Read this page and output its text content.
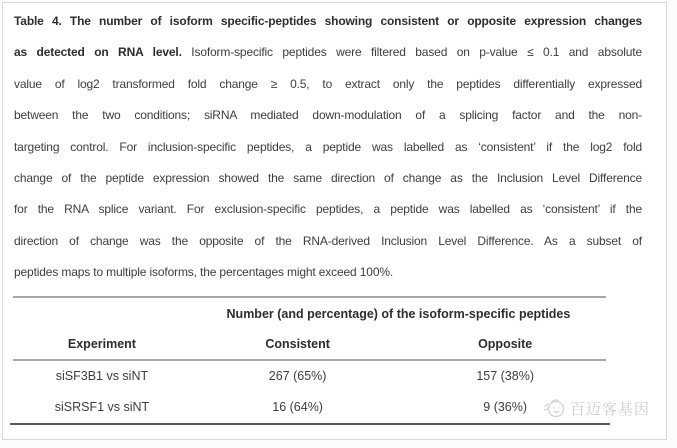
Table 4. The number of isoform specific-peptides showing consistent or opposite expression changes
as detected on RNA level. Isoform-specific peptides were filtered based on p-value ≤ 0.1 and absolute
value of log2 transformed fold change ≥ 0.5, to extract only the peptides differentially expressed
between the two conditions; siRNA mediated down-modulation of a splicing factor and the non-
targeting control. For inclusion-specific peptides, a peptide was labelled as ‘consistent’ if the log2 fold
change of the peptide expression showed the same direction of change as the Inclusion Level Difference
for the RNA splice variant. For exclusion-specific peptides, a peptide was labelled as ‘consistent’ if the
direction of change was the opposite of the RNA-derived Inclusion Level Difference. As a subset of
peptides maps to multiple isoforms, the percentages might exceed 100%.
Number (and percentage) of the isoform-specific peptides
Experiment	Consistent	Opposite
siSF3B1 vs siNT	267 (65%)	157 (38%)
siSRSF1 vs siNT	16 (64%)	9 (36%)	百迈客基因
